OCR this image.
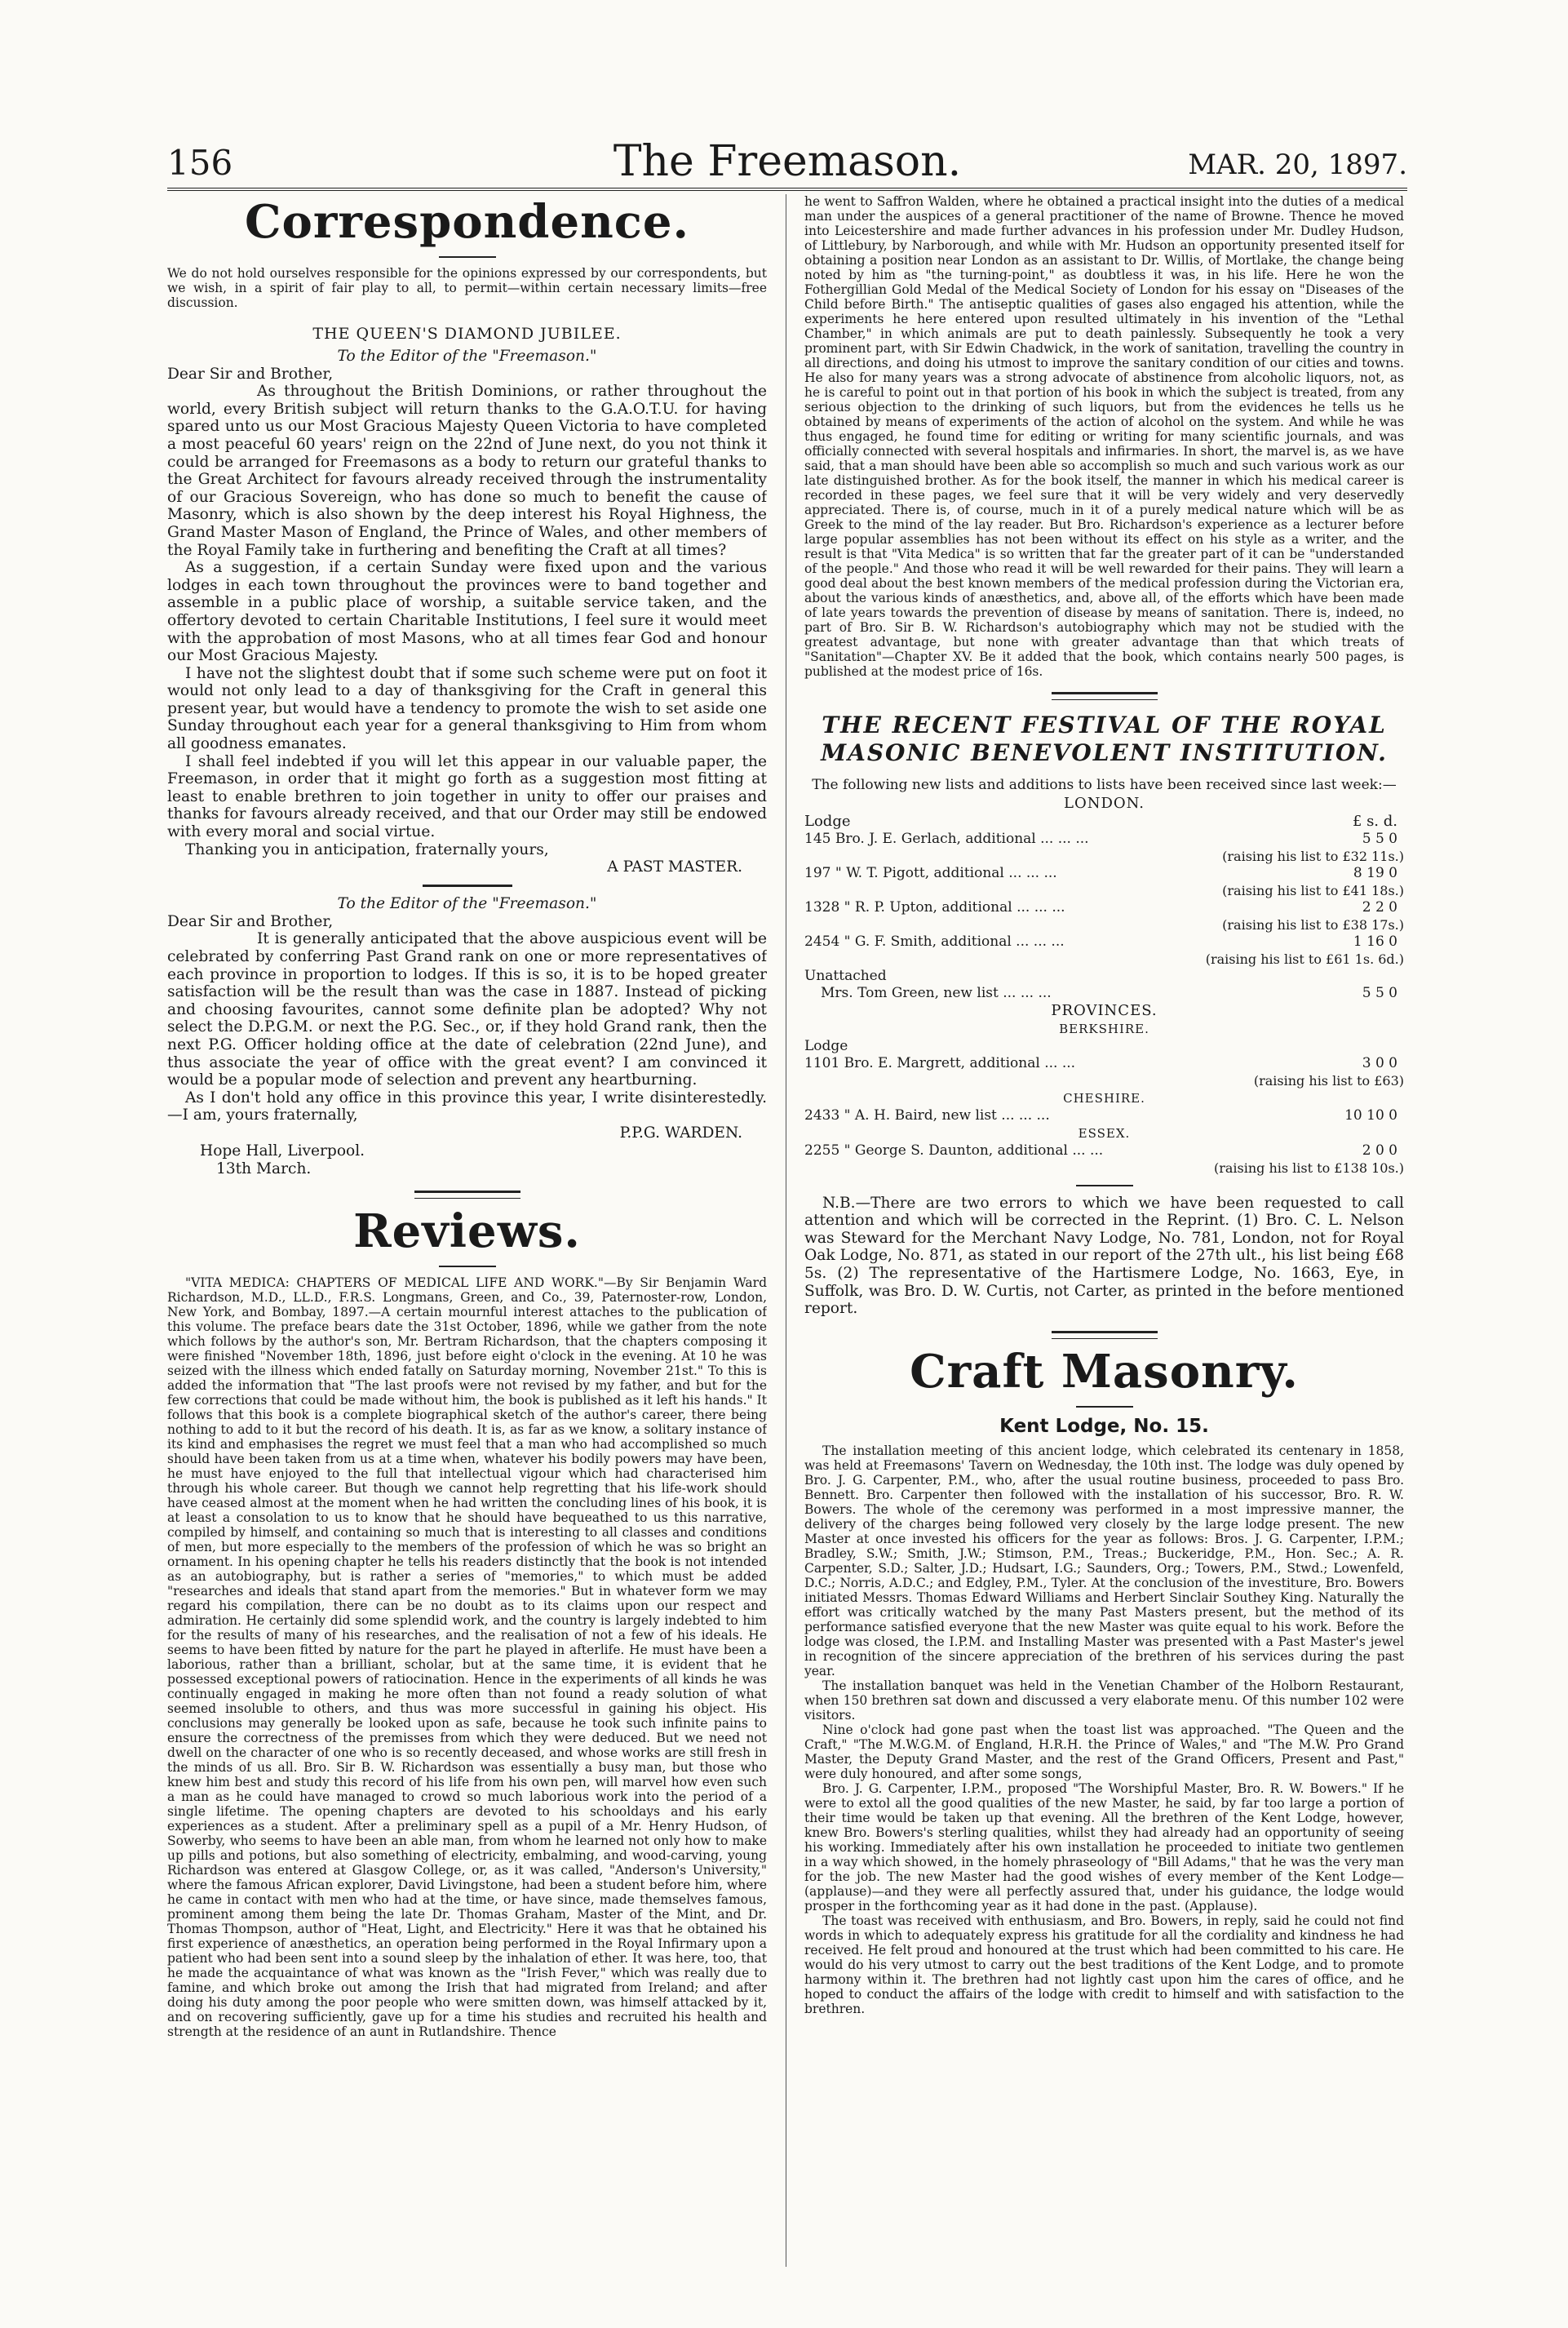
156	The Freemason.	MAR. 20, 1897.
Correspondence.

We do not hold ourselves responsible for the opinions expressed by our correspondents, but we wish, in a spirit of fair play to all, to permit—within certain necessary limits—free discussion.

THE QUEEN'S DIAMOND JUBILEE.

To the Editor of the "Freemason."

Dear Sir and Brother,

As throughout the British Dominions, or rather throughout the world, every British subject will return thanks to the G.A.O.T.U. for having spared unto us our Most Gracious Majesty Queen Victoria to have completed a most peaceful 60 years' reign on the 22nd of June next, do you not think it could be arranged for Freemasons as a body to return our grateful thanks to the Great Architect for favours already received through the instrumentality of our Gracious Sovereign, who has done so much to benefit the cause of Masonry, which is also shown by the deep interest his Royal Highness, the Grand Master Mason of England, the Prince of Wales, and other members of the Royal Family take in furthering and benefiting the Craft at all times?

As a suggestion, if a certain Sunday were fixed upon and the various lodges in each town throughout the provinces were to band together and assemble in a public place of worship, a suitable service taken, and the offertory devoted to certain Charitable Institutions, I feel sure it would meet with the approbation of most Masons, who at all times fear God and honour our Most Gracious Majesty.

I have not the slightest doubt that if some such scheme were put on foot it would not only lead to a day of thanksgiving for the Craft in general this present year, but would have a tendency to promote the wish to set aside one Sunday throughout each year for a general thanksgiving to Him from whom all goodness emanates.

I shall feel indebted if you will let this appear in our valuable paper, the Freemason, in order that it might go forth as a suggestion most fitting at least to enable brethren to join together in unity to offer our praises and thanks for favours already received, and that our Order may still be endowed with every moral and social virtue.

Thanking you in anticipation, fraternally yours,

A PAST MASTER.

To the Editor of the "Freemason."

Dear Sir and Brother,

It is generally anticipated that the above auspicious event will be celebrated by conferring Past Grand rank on one or more representatives of each province in proportion to lodges. If this is so, it is to be hoped greater satisfaction will be the result than was the case in 1887. Instead of picking and choosing favourites, cannot some definite plan be adopted? Why not select the D.P.G.M. or next the P.G. Sec., or, if they hold Grand rank, then the next P.G. Officer holding office at the date of celebration (22nd June), and thus associate the year of office with the great event? I am convinced it would be a popular mode of selection and prevent any heartburning.

As I don't hold any office in this province this year, I write disinterestedly.—I am, yours fraternally,

P.P.G. WARDEN.

Hope Hall, Liverpool.

13th March.

Reviews.

"VITA MEDICA: CHAPTERS OF MEDICAL LIFE AND WORK."—By Sir Benjamin Ward Richardson, M.D., LL.D., F.R.S. Longmans, Green, and Co., 39, Paternoster-row, London, New York, and Bombay, 1897.—A certain mournful interest attaches to the publication of this volume. The preface bears date the 31st October, 1896, while we gather from the note which follows by the author's son, Mr. Bertram Richardson, that the chapters composing it were finished "November 18th, 1896, just before eight o'clock in the evening. At 10 he was seized with the illness which ended fatally on Saturday morning, November 21st." To this is added the information that "The last proofs were not revised by my father, and but for the few corrections that could be made without him, the book is published as it left his hands." It follows that this book is a complete biographical sketch of the author's career, there being nothing to add to it but the record of his death. It is, as far as we know, a solitary instance of its kind and emphasises the regret we must feel that a man who had accomplished so much should have been taken from us at a time when, whatever his bodily powers may have been, he must have enjoyed to the full that intellectual vigour which had characterised him through his whole career. But though we cannot help regretting that his life-work should have ceased almost at the moment when he had written the concluding lines of his book, it is at least a consolation to us to know that he should have bequeathed to us this narrative, compiled by himself, and containing so much that is interesting to all classes and conditions of men, but more especially to the members of the profession of which he was so bright an ornament. In his opening chapter he tells his readers distinctly that the book is not intended as an autobiography, but is rather a series of "memories," to which must be added "researches and ideals that stand apart from the memories." But in whatever form we may regard his compilation, there can be no doubt as to its claims upon our respect and admiration. He certainly did some splendid work, and the country is largely indebted to him for the results of many of his researches, and the realisation of not a few of his ideals. He seems to have been fitted by nature for the part he played in afterlife. He must have been a laborious, rather than a brilliant, scholar, but at the same time, it is evident that he possessed exceptional powers of ratiocination. Hence in the experiments of all kinds he was continually engaged in making he more often than not found a ready solution of what seemed insoluble to others, and thus was more successful in gaining his object. His conclusions may generally be looked upon as safe, because he took such infinite pains to ensure the correctness of the premisses from which they were deduced. But we need not dwell on the character of one who is so recently deceased, and whose works are still fresh in the minds of us all. Bro. Sir B. W. Richardson was essentially a busy man, but those who knew him best and study this record of his life from his own pen, will marvel how even such a man as he could have managed to crowd so much laborious work into the period of a single lifetime. The opening chapters are devoted to his schooldays and his early experiences as a student. After a preliminary spell as a pupil of a Mr. Henry Hudson, of Sowerby, who seems to have been an able man, from whom he learned not only how to make up pills and potions, but also something of electricity, embalming, and wood-carving, young Richardson was entered at Glasgow College, or, as it was called, "Anderson's University," where the famous African explorer, David Livingstone, had been a student before him, where he came in contact with men who had at the time, or have since, made themselves famous, prominent among them being the late Dr. Thomas Graham, Master of the Mint, and Dr. Thomas Thompson, author of "Heat, Light, and Electricity." Here it was that he obtained his first experience of anæsthetics, an operation being performed in the Royal Infirmary upon a patient who had been sent into a sound sleep by the inhalation of ether. It was here, too, that he made the acquaintance of what was known as the "Irish Fever," which was really due to famine, and which broke out among the Irish that had migrated from Ireland; and after doing his duty among the poor people who were smitten down, was himself attacked by it, and on recovering sufficiently, gave up for a time his studies and recruited his health and strength at the residence of an aunt in Rutlandshire. Thence

he went to Saffron Walden, where he obtained a practical insight into the duties of a medical man under the auspices of a general practitioner of the name of Browne. Thence he moved into Leicestershire and made further advances in his profession under Mr. Dudley Hudson, of Littlebury, by Narborough, and while with Mr. Hudson an opportunity presented itself for obtaining a position near London as an assistant to Dr. Willis, of Mortlake, the change being noted by him as "the turning-point," as doubtless it was, in his life. Here he won the Fothergillian Gold Medal of the Medical Society of London for his essay on "Diseases of the Child before Birth." The antiseptic qualities of gases also engaged his attention, while the experiments he here entered upon resulted ultimately in his invention of the "Lethal Chamber," in which animals are put to death painlessly. Subsequently he took a very prominent part, with Sir Edwin Chadwick, in the work of sanitation, travelling the country in all directions, and doing his utmost to improve the sanitary condition of our cities and towns. He also for many years was a strong advocate of abstinence from alcoholic liquors, not, as he is careful to point out in that portion of his book in which the subject is treated, from any serious objection to the drinking of such liquors, but from the evidences he tells us he obtained by means of experiments of the action of alcohol on the system. And while he was thus engaged, he found time for editing or writing for many scientific journals, and was officially connected with several hospitals and infirmaries. In short, the marvel is, as we have said, that a man should have been able so accomplish so much and such various work as our late distinguished brother. As for the book itself, the manner in which his medical career is recorded in these pages, we feel sure that it will be very widely and very deservedly appreciated. There is, of course, much in it of a purely medical nature which will be as Greek to the mind of the lay reader. But Bro. Richardson's experience as a lecturer before large popular assemblies has not been without its effect on his style as a writer, and the result is that "Vita Medica" is so written that far the greater part of it can be "understanded of the people." And those who read it will be well rewarded for their pains. They will learn a good deal about the best known members of the medical profession during the Victorian era, about the various kinds of anæsthetics, and, above all, of the efforts which have been made of late years towards the prevention of disease by means of sanitation. There is, indeed, no part of Bro. Sir B. W. Richardson's autobiography which may not be studied with the greatest advantage, but none with greater advantage than that which treats of "Sanitation"—Chapter XV. Be it added that the book, which contains nearly 500 pages, is published at the modest price of 16s.

THE RECENT FESTIVAL OF THE ROYAL
MASONIC BENEVOLENT INSTITUTION.

The following new lists and additions to lists have been received since last week:—

LONDON.
Lodge	£ s. d.
145 Bro. J. E. Gerlach, additional ... ... ...	5 5 0
(raising his list to £32 11s.)
197 " W. T. Pigott, additional ... ... ...	8 19 0
(raising his list to £41 18s.)
1328 " R. P. Upton, additional ... ... ...	2 2 0
(raising his list to £38 17s.)
2454 " G. F. Smith, additional ... ... ...	1 16 0
(raising his list to £61 1s. 6d.)
Unattached
Mrs. Tom Green, new list ... ... ...	5 5 0
PROVINCES.
BERKSHIRE.
Lodge
1101 Bro. E. Margrett, additional ... ...	3 0 0
(raising his list to £63)
CHESHIRE.
2433 " A. H. Baird, new list ... ... ...	10 10 0
ESSEX.
2255 " George S. Daunton, additional ... ...	2 0 0
(raising his list to £138 10s.)

N.B.—There are two errors to which we have been requested to call attention and which will be corrected in the Reprint. (1) Bro. C. L. Nelson was Steward for the Merchant Navy Lodge, No. 781, London, not for Royal Oak Lodge, No. 871, as stated in our report of the 27th ult., his list being £68 5s. (2) The representative of the Hartismere Lodge, No. 1663, Eye, in Suffolk, was Bro. D. W. Curtis, not Carter, as printed in the before mentioned report.

Craft Masonry.
Kent Lodge, No. 15.

The installation meeting of this ancient lodge, which celebrated its centenary in 1858, was held at Freemasons' Tavern on Wednesday, the 10th inst. The lodge was duly opened by Bro. J. G. Carpenter, P.M., who, after the usual routine business, proceeded to pass Bro. Bennett. Bro. Carpenter then followed with the installation of his successor, Bro. R. W. Bowers. The whole of the ceremony was performed in a most impressive manner, the delivery of the charges being followed very closely by the large lodge present. The new Master at once invested his officers for the year as follows: Bros. J. G. Carpenter, I.P.M.; Bradley, S.W.; Smith, J.W.; Stimson, P.M., Treas.; Buckeridge, P.M., Hon. Sec.; A. R. Carpenter, S.D.; Salter, J.D.; Hudsart, I.G.; Saunders, Org.; Towers, P.M., Stwd.; Lowenfeld, D.C.; Norris, A.D.C.; and Edgley, P.M., Tyler. At the conclusion of the investiture, Bro. Bowers initiated Messrs. Thomas Edward Williams and Herbert Sinclair Southey King. Naturally the effort was critically watched by the many Past Masters present, but the method of its performance satisfied everyone that the new Master was quite equal to his work. Before the lodge was closed, the I.P.M. and Installing Master was presented with a Past Master's jewel in recognition of the sincere appreciation of the brethren of his services during the past year.

The installation banquet was held in the Venetian Chamber of the Holborn Restaurant, when 150 brethren sat down and discussed a very elaborate menu. Of this number 102 were visitors.

Nine o'clock had gone past when the toast list was approached. "The Queen and the Craft," "The M.W.G.M. of England, H.R.H. the Prince of Wales," and "The M.W. Pro Grand Master, the Deputy Grand Master, and the rest of the Grand Officers, Present and Past," were duly honoured, and after some songs,

Bro. J. G. Carpenter, I.P.M., proposed "The Worshipful Master, Bro. R. W. Bowers." If he were to extol all the good qualities of the new Master, he said, by far too large a portion of their time would be taken up that evening. All the brethren of the Kent Lodge, however, knew Bro. Bowers's sterling qualities, whilst they had already had an opportunity of seeing his working. Immediately after his own installation he proceeded to initiate two gentlemen in a way which showed, in the homely phraseology of "Bill Adams," that he was the very man for the job. The new Master had the good wishes of every member of the Kent Lodge—(applause)—and they were all perfectly assured that, under his guidance, the lodge would prosper in the forthcoming year as it had done in the past. (Applause).

The toast was received with enthusiasm, and Bro. Bowers, in reply, said he could not find words in which to adequately express his gratitude for all the cordiality and kindness he had received. He felt proud and honoured at the trust which had been committed to his care. He would do his very utmost to carry out the best traditions of the Kent Lodge, and to promote harmony within it. The brethren had not lightly cast upon him the cares of office, and he hoped to conduct the affairs of the lodge with credit to himself and with satisfaction to the brethren.
